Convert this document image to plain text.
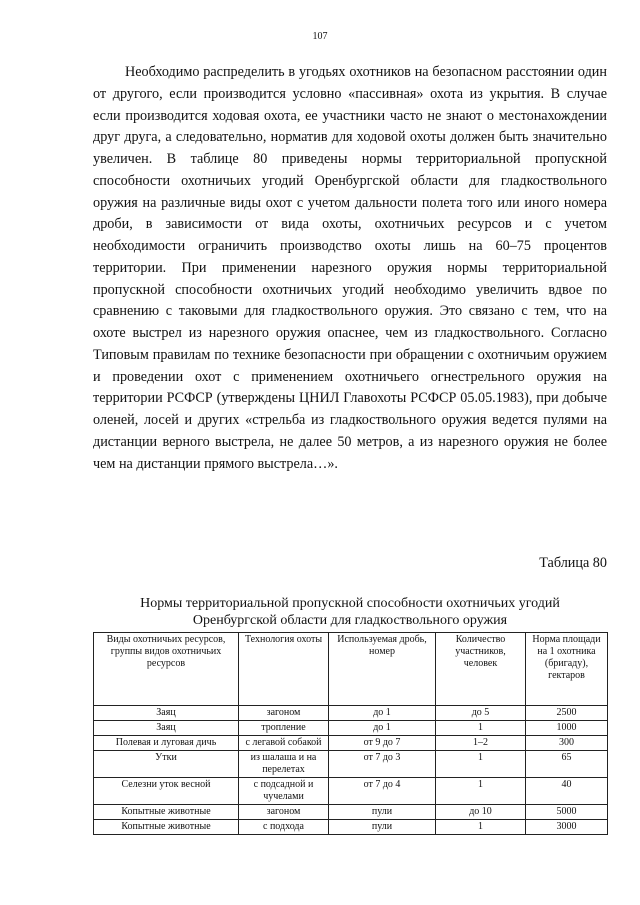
107

Необходимо распределить в угодьях охотников на безопасном расстоянии один от другого, если производится условно «пассивная» охота из укрытия. В случае если производится ходовая охота, ее участники часто не знают о местонахождении друг друга, а следовательно, норматив для ходовой охоты должен быть значительно увеличен. В таблице 80 приведены нормы территориальной пропускной способности охотничьих угодий Оренбургской области для гладкоствольного оружия на различные виды охот с учетом дальности полета того или иного номера дроби, в зависимости от вида охоты, охотничьих ресурсов и с учетом необходимости ограничить производство охоты лишь на 60–75 процентов территории. При применении нарезного оружия нормы территориальной пропускной способности охотничьих угодий необходимо увеличить вдвое по сравнению с таковыми для гладкоствольного оружия. Это связано с тем, что на охоте выстрел из нарезного оружия опаснее, чем из гладкоствольного. Согласно Типовым правилам по технике безопасности при обращении с охотничьим оружием и проведении охот с применением охотничьего огнестрельного оружия на территории РСФСР (утверждены ЦНИЛ Главохоты РСФСР 05.05.1983), при добыче оленей, лосей и других «стрельба из гладкоствольного оружия ведется пулями на дистанции верного выстрела, не далее 50 метров, а из нарезного оружия не более чем на дистанции прямого выстрела…».

Таблица 80
Нормы территориальной пропускной способности охотничьих угодий
Оренбургской области для гладкоствольного оружия
Виды охотничьих ресурсов, группы видов охотничьих ресурсов	Технология охоты	Используемая дробь, номер	Количество участников, человек	Норма площади на 1 охотника (бригаду), гектаров
Заяц	загоном	до 1	до 5	2500
Заяц	тропление	до 1	1	1000
Полевая и луговая дичь	с легавой собакой	от 9 до 7	1–2	300
Утки	из шалаша и на перелетах	от 7 до 3	1	65
Селезни уток весной	с подсадной и чучелами	от 7 до 4	1	40
Копытные животные	загоном	пули	до 10	5000
Копытные животные	с подхода	пули	1	3000
